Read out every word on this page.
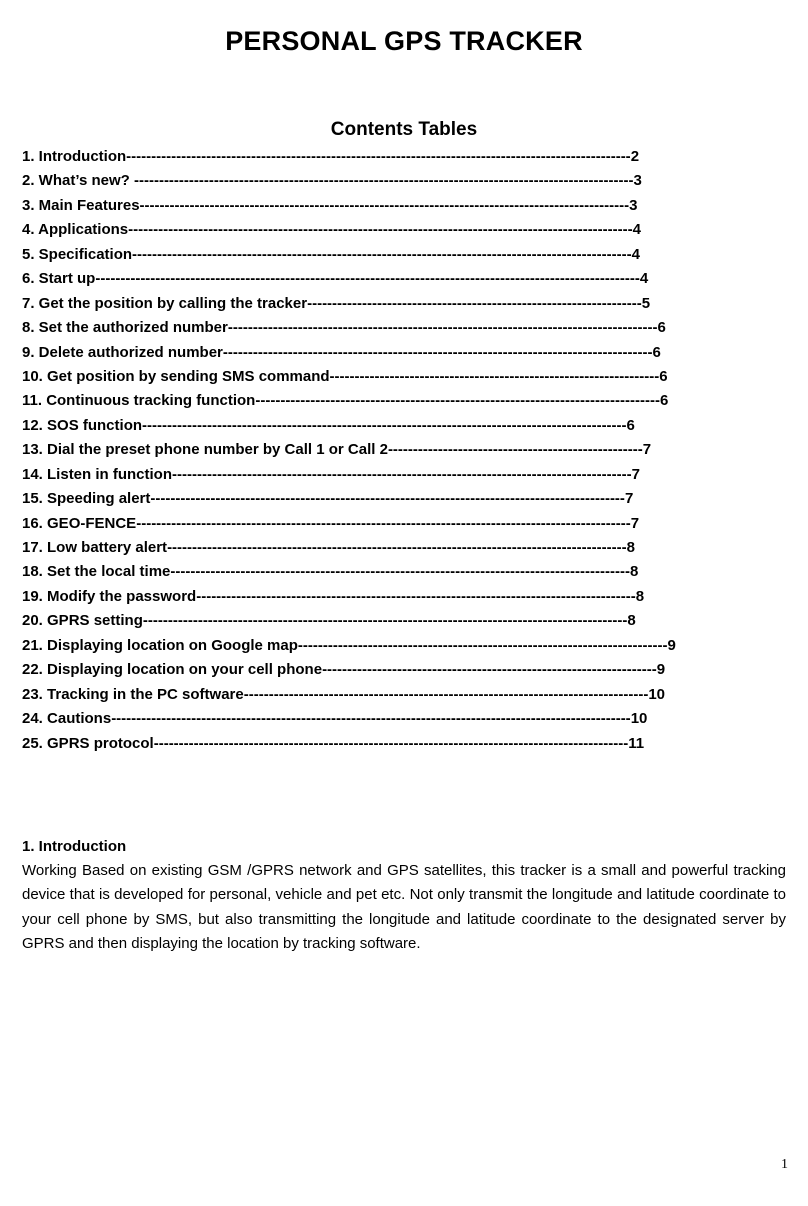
PERSONAL GPS TRACKER
Contents Tables
1. Introduction-----------------------------------------------------------------------------------------------------2
2. What’s new? ----------------------------------------------------------------------------------------------------3
3. Main Features--------------------------------------------------------------------------------------------------3
4. Applications-----------------------------------------------------------------------------------------------------4
5. Specification----------------------------------------------------------------------------------------------------4
6. Start up-------------------------------------------------------------------------------------------------------------4
7. Get the position by calling the tracker-------------------------------------------------------------------5
8. Set the authorized number--------------------------------------------------------------------------------------6
9. Delete authorized number--------------------------------------------------------------------------------------6
10. Get position by sending SMS command------------------------------------------------------------------6
11. Continuous tracking function---------------------------------------------------------------------------------6
12. SOS function-------------------------------------------------------------------------------------------------6
13. Dial the preset phone number by Call 1 or Call 2---------------------------------------------------7
14. Listen in function--------------------------------------------------------------------------------------------7
15. Speeding alert-----------------------------------------------------------------------------------------------7
16. GEO-FENCE---------------------------------------------------------------------------------------------------7
17. Low battery alert--------------------------------------------------------------------------------------------8
18. Set the local time--------------------------------------------------------------------------------------------8
19. Modify the password----------------------------------------------------------------------------------------8
20. GPRS setting-------------------------------------------------------------------------------------------------8
21. Displaying location on Google map--------------------------------------------------------------------------9
22. Displaying location on your cell phone-------------------------------------------------------------------9
23. Tracking in the PC software---------------------------------------------------------------------------------10
24. Cautions--------------------------------------------------------------------------------------------------------10
25. GPRS protocol-----------------------------------------------------------------------------------------------11
1. Introduction

Working Based on existing GSM /GPRS network and GPS satellites, this tracker is a small and powerful tracking device that is developed for personal, vehicle and pet etc. Not only transmit the longitude and latitude coordinate to your cell phone by SMS, but also transmitting the longitude and latitude coordinate to the designated server by GPRS and then displaying the location by tracking software.

1
